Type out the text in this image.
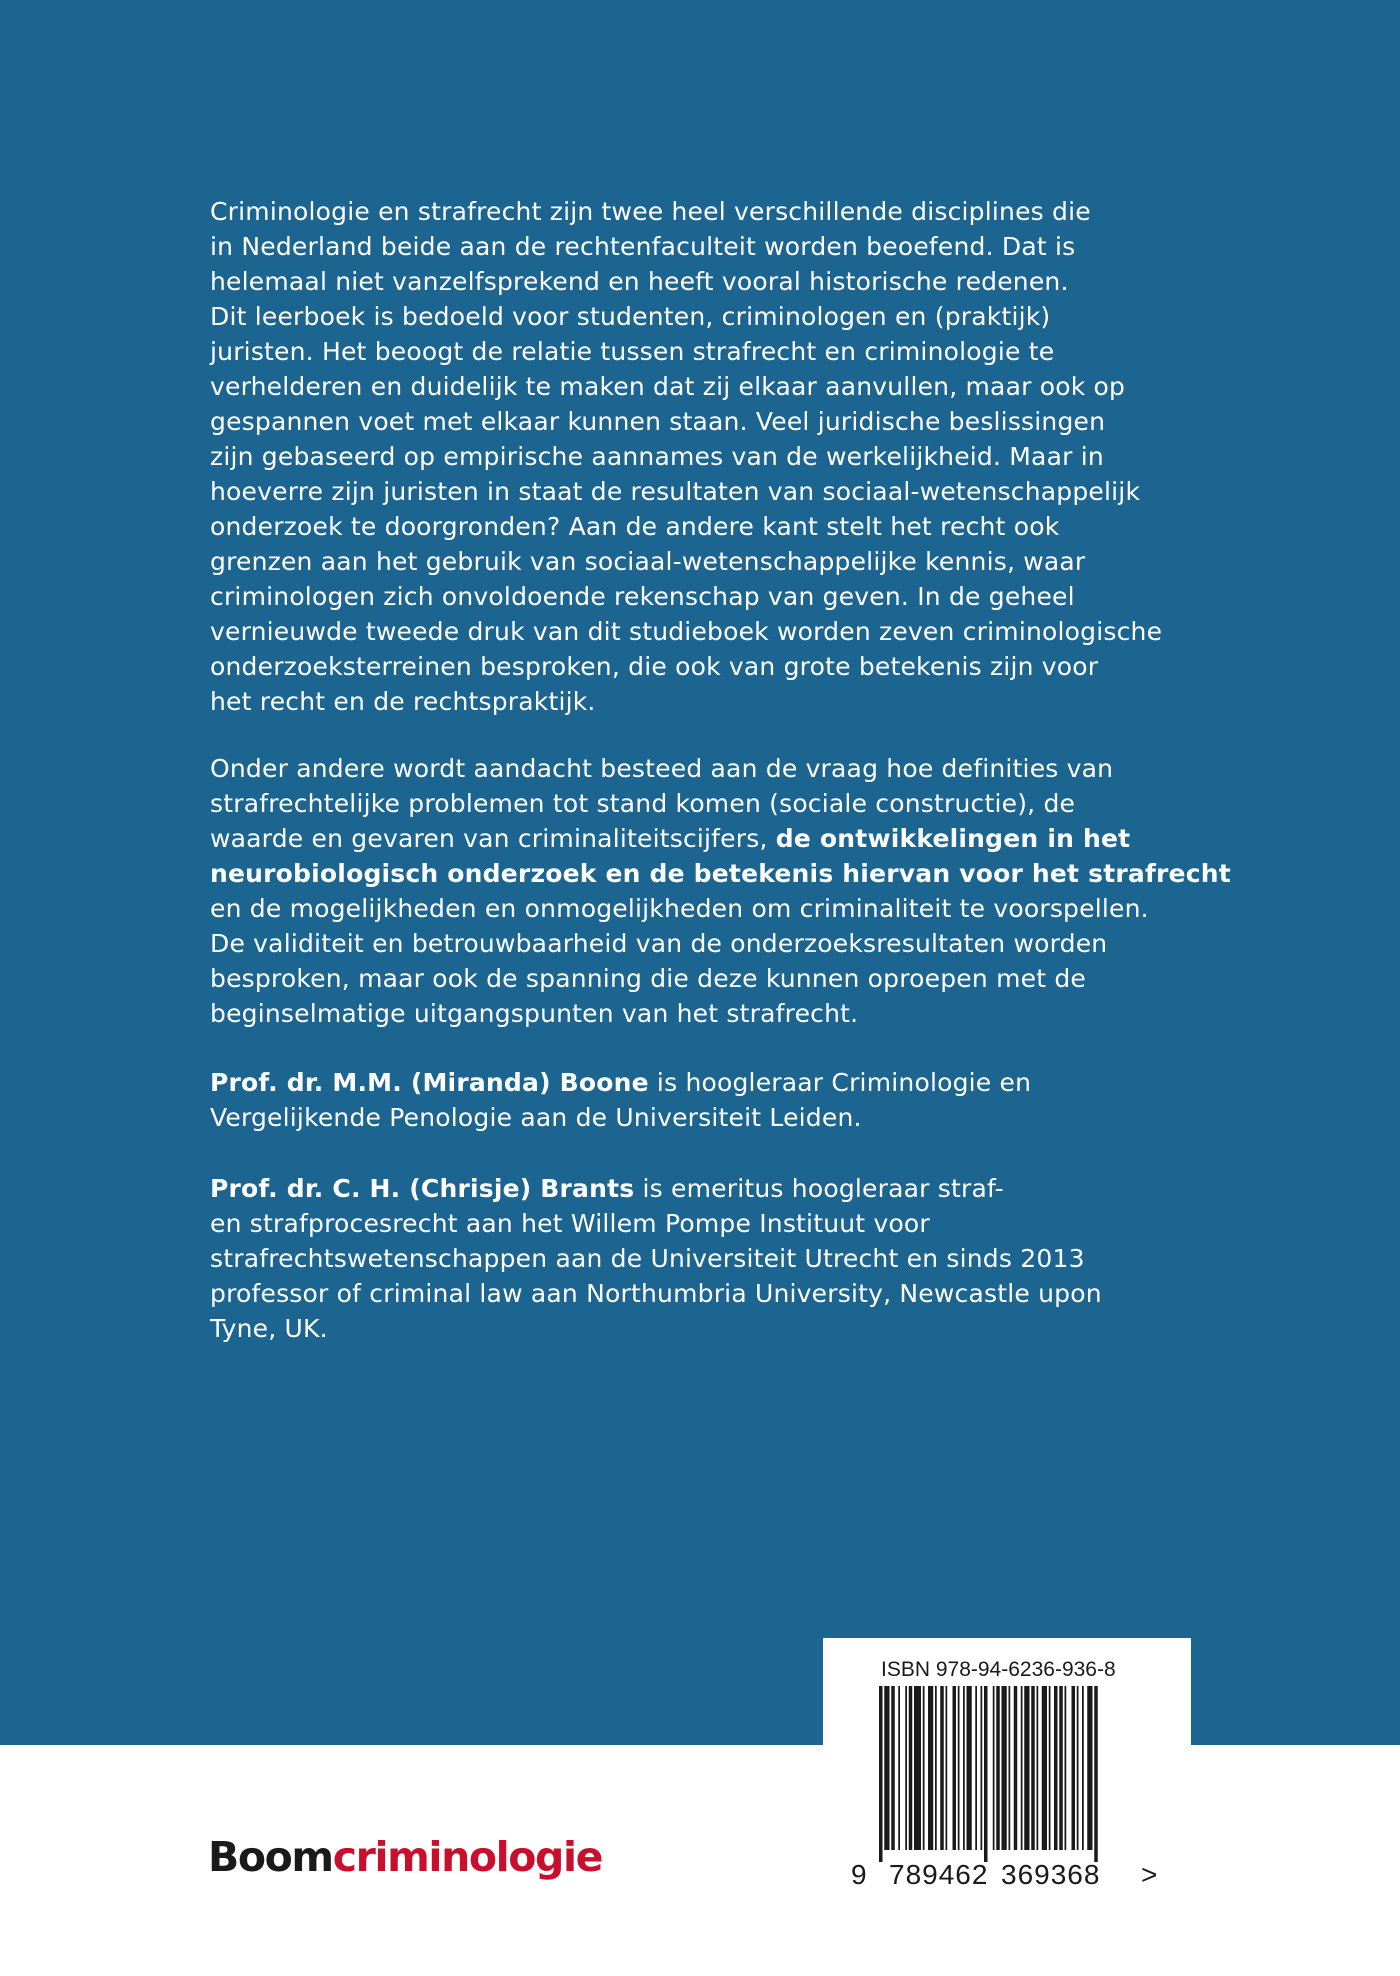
Criminologie en strafrecht zijn twee heel verschillende disciplines die
in Nederland beide aan de rechtenfaculteit worden beoefend. Dat is
helemaal niet vanzelfsprekend en heeft vooral historische redenen.
Dit leerboek is bedoeld voor studenten, criminologen en (praktijk)
juristen. Het beoogt de relatie tussen strafrecht en criminologie te
verhelderen en duidelijk te maken dat zij elkaar aanvullen, maar ook op
gespannen voet met elkaar kunnen staan. Veel juridische beslissingen
zijn gebaseerd op empirische aannames van de werkelijkheid. Maar in
hoeverre zijn juristen in staat de resultaten van sociaal-wetenschappelijk
onderzoek te doorgronden? Aan de andere kant stelt het recht ook
grenzen aan het gebruik van sociaal-wetenschappelijke kennis, waar
criminologen zich onvoldoende rekenschap van geven. In de geheel
vernieuwde tweede druk van dit studieboek worden zeven criminologische
onderzoeksterreinen besproken, die ook van grote betekenis zijn voor
het recht en de rechtspraktijk.
Onder andere wordt aandacht besteed aan de vraag hoe definities van
strafrechtelijke problemen tot stand komen (sociale constructie), de
waarde en gevaren van criminaliteitscijfers, de ontwikkelingen in het
neurobiologisch onderzoek en de betekenis hiervan voor het strafrecht
en de mogelijkheden en onmogelijkheden om criminaliteit te voorspellen.
De validiteit en betrouwbaarheid van de onderzoeksresultaten worden
besproken, maar ook de spanning die deze kunnen oproepen met de
beginselmatige uitgangspunten van het strafrecht.
Prof. dr. M.M. (Miranda) Boone is hoogleraar Criminologie en
Vergelijkende Penologie aan de Universiteit Leiden.
Prof. dr. C. H. (Chrisje) Brants is emeritus hoogleraar straf-
en strafprocesrecht aan het Willem Pompe Instituut voor
strafrechtswetenschappen aan de Universiteit Utrecht en sinds 2013
professor of criminal law aan Northumbria University, Newcastle upon
Tyne, UK.
ISBN 978-94-6236-936-8
9 789462 369368 >
Boomcriminologie
